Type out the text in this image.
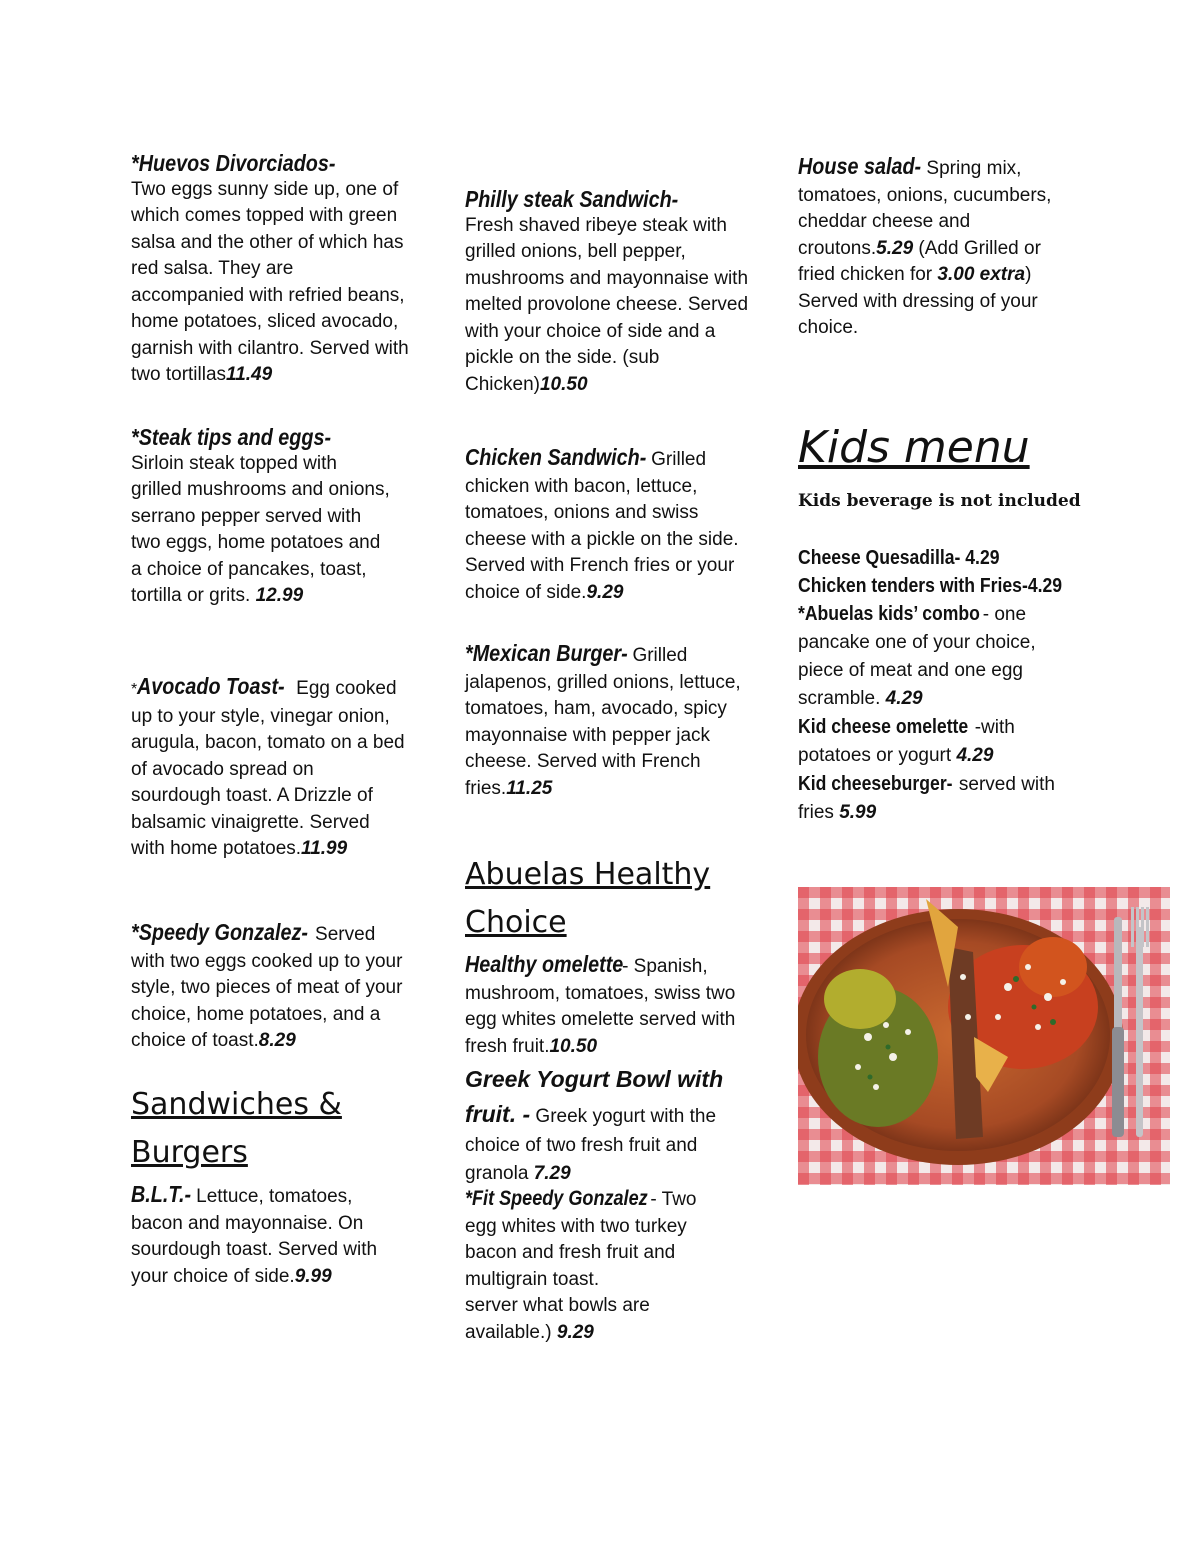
*Huevos Divorciados-
Two eggs sunny side up, one of which comes topped with green salsa and the other of which has red salsa. They are accompanied with refried beans, home potatoes, sliced avocado, garnish with cilantro. Served with two tortillas11.49
*Steak tips and eggs-
Sirloin steak topped with grilled mushrooms and onions, serrano pepper served with two eggs, home potatoes and a choice of pancakes, toast, tortilla or grits. 12.99
*Avocado Toast- Egg cooked up to your style, vinegar onion, arugula, bacon, tomato on a bed of avocado spread on sourdough toast. A Drizzle of balsamic vinaigrette. Served with home potatoes.11.99
*Speedy Gonzalez- Served with two eggs cooked up to your style, two pieces of meat of your choice, home potatoes, and a choice of toast.8.29
Sandwiches & Burgers
B.L.T.- Lettuce, tomatoes, bacon and mayonnaise. On sourdough toast. Served with your choice of side.9.99
Philly steak Sandwich-
Fresh shaved ribeye steak with grilled onions, bell pepper, mushrooms and mayonnaise with melted provolone cheese. Served with your choice of side and a pickle on the side. (sub Chicken)10.50
Chicken Sandwich- Grilled chicken with bacon, lettuce, tomatoes, onions and swiss cheese with a pickle on the side. Served with French fries or your choice of side.9.29
*Mexican Burger- Grilled jalapenos, grilled onions, lettuce, tomatoes, ham, avocado, spicy mayonnaise with pepper jack cheese. Served with French fries.11.25
Abuelas Healthy Choice
Healthy omelette- Spanish, mushroom, tomatoes, swiss two egg whites omelette served with fresh fruit.10.50
Greek Yogurt Bowl with fruit. - Greek yogurt with the choice of two fresh fruit and granola 7.29
*Fit Speedy Gonzalez - Two egg whites with two turkey bacon and fresh fruit and multigrain toast.
server what bowls are available.) 9.29
House salad- Spring mix, tomatoes, onions, cucumbers, cheddar cheese and croutons.5.29 (Add Grilled or fried chicken for 3.00 extra) Served with dressing of your choice.
Kids menu
Kids beverage is not included
Cheese Quesadilla- 4.29
Chicken tenders with Fries-4.29
*Abuelas kids’ combo - one pancake one of your choice, piece of meat and one egg scramble. 4.29
Kid cheese omelette -with potatoes or yogurt 4.29
Kid cheeseburger- served with fries 5.99
